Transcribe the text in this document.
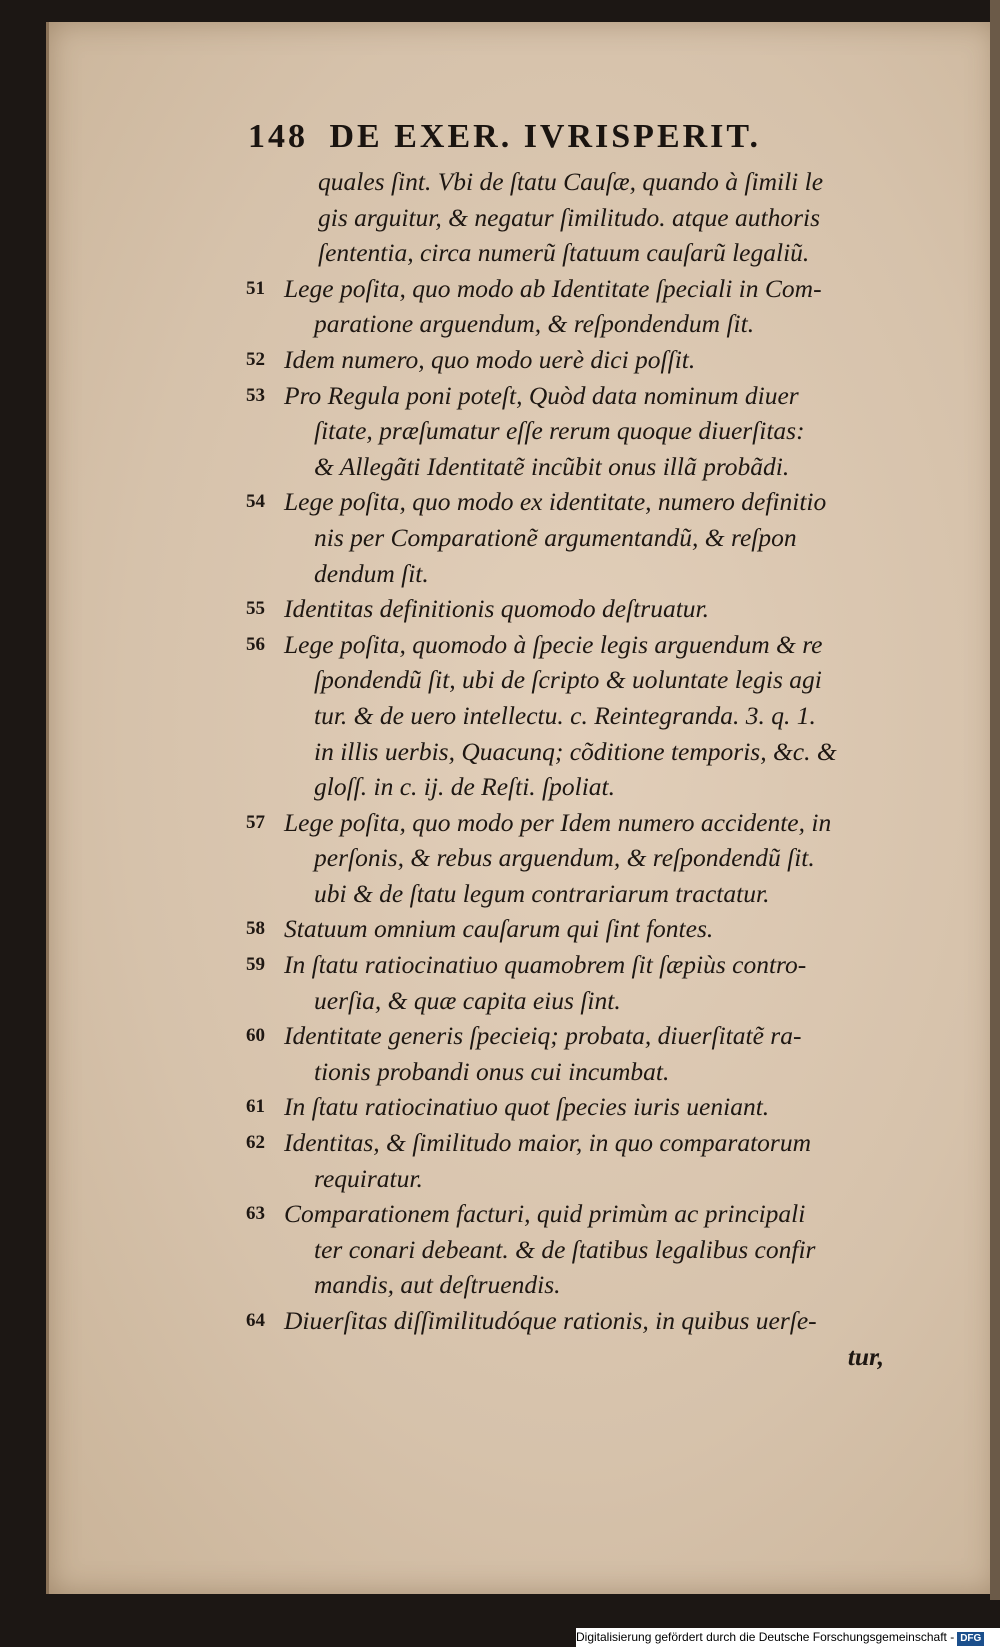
148 DE EXER. IVRISPERIT.
quales ſint. Vbi de ſtatu Cauſæ, quando à ſimili le
gis arguitur, & negatur ſimilitudo. atque authoris
ſententia, circa numerũ ſtatuum cauſarũ legaliũ.
51 Lege poſita, quo modo ab Identitate ſpeciali in Com-
paratione arguendum, & reſpondendum ſit.
52 Idem numero, quo modo uerè dici poſſit.
53 Pro Regula poni poteſt, Quòd data nominum diuer
ſitate, præſumatur eſſe rerum quoque diuerſitas:
& Allegãti Identitatẽ incũbit onus illã probãdi.
54 Lege poſita, quo modo ex identitate, numero definitio
nis per Comparationẽ argumentandũ, & reſpon
dendum ſit.
55 Identitas definitionis quomodo deſtruatur.
56 Lege poſita, quomodo à ſpecie legis arguendum & re
ſpondendũ ſit, ubi de ſcripto & uoluntate legis agi
tur. & de uero intellectu. c. Reintegranda. 3. q. 1.
in illis uerbis, Quacunq; cõditione temporis, &c. &
gloſſ. in c. ij. de Reſti. ſpoliat.
57 Lege poſita, quo modo per Idem numero accidente, in
perſonis, & rebus arguendum, & reſpondendũ ſit.
ubi & de ſtatu legum contrariarum tractatur.
58 Statuum omnium cauſarum qui ſint fontes.
59 In ſtatu ratiocinatiuo quamobrem ſit ſæpiùs contro-
uerſia, & quæ capita eius ſint.
60 Identitate generis ſpecieiq; probata, diuerſitatẽ ra-
tionis probandi onus cui incumbat.
61 In ſtatu ratiocinatiuo quot ſpecies iuris ueniant.
62 Identitas, & ſimilitudo maior, in quo comparatorum
requiratur.
63 Comparationem facturi, quid primùm ac principali
ter conari debeant. & de ſtatibus legalibus confir
mandis, aut deſtruendis.
64 Diuerſitas diſſimilitudóque rationis, in quibus uerſe-
tur,
Digitalisierung gefördert durch die Deutsche Forschungsgemeinschaft - DFG
